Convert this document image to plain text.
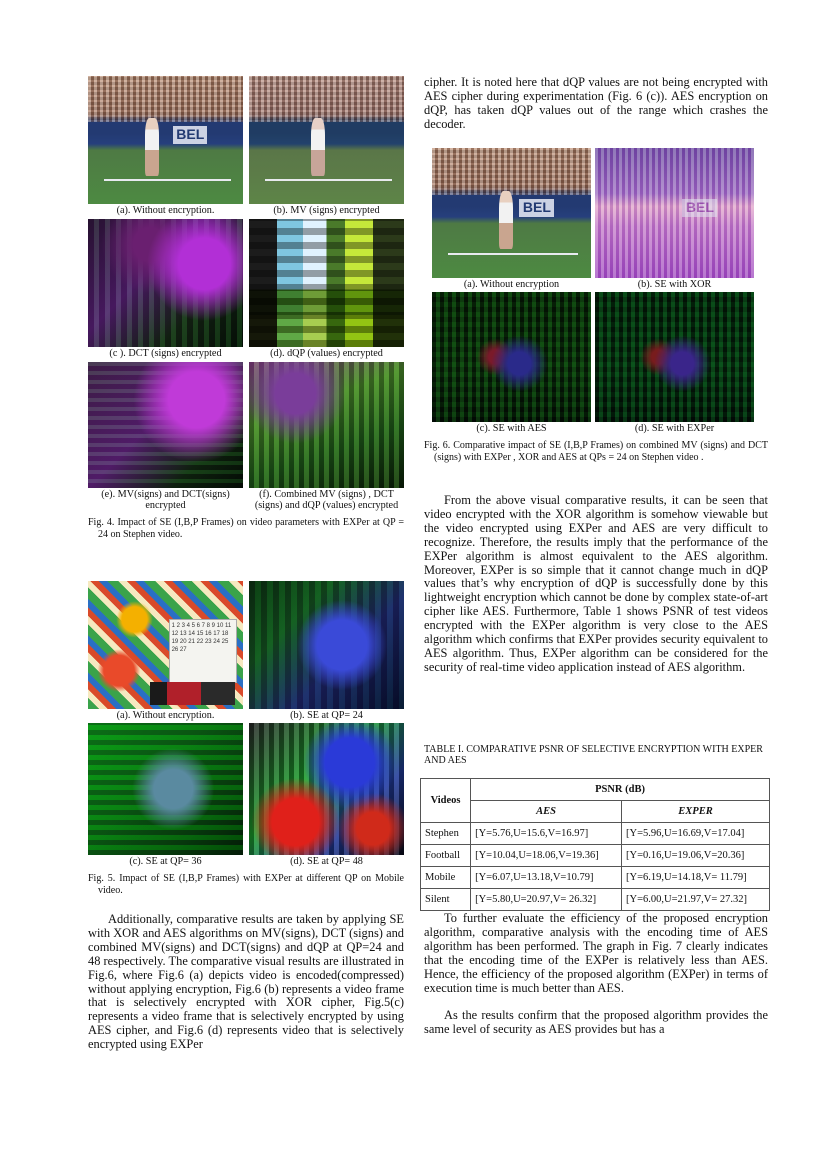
BEL
(a). Without encryption.	(b). MV (signs) encrypted
(c ). DCT (signs) encrypted	(d). dQP (values) encrypted
(e). MV(signs) and DCT(signs) encrypted
(f). Combined MV (signs) , DCT (signs) and dQP (values) encrypted
Fig. 4. Impact of SE (I,B,P Frames) on video parameters with EXPer at QP = 24 on Stephen video.
1 2 3 4 5 6 7 8 9 10 11 12 13 14 15 16 17 18 19 20 21 22 23 24 25 26 27
(a). Without encryption.	(b). SE at QP= 24
(c). SE at QP= 36	(d). SE at QP= 48
Fig. 5. Impact of SE (I,B,P Frames) with EXPer at different QP on Mobile video.

Additionally, comparative results are taken by applying SE with XOR and AES algorithms on MV(signs), DCT (signs) and combined MV(signs) and DCT(signs) and dQP at QP=24 and 48 respectively. The comparative visual results are illustrated in Fig.6, where Fig.6 (a) depicts video is encoded(compressed) without applying encryption, Fig.6 (b) represents a video frame that is selectively encrypted with XOR cipher, Fig.5(c) represents a video frame that is selectively encrypted by using AES cipher, and Fig.6 (d) represents video that is selectively encrypted using EXPer

cipher. It is noted here that dQP values are not being encrypted with AES cipher during experimentation (Fig. 6 (c)). AES encryption on dQP, has taken dQP values out of the range which crashes the decoder.

BEL
(a). Without encryption
BEL
(b). SE with XOR
(c). SE with AES	(d). SE with EXPer
Fig. 6. Comparative impact of SE (I,B,P Frames) on combined MV (signs) and DCT (signs) with EXPer , XOR and AES at QPs = 24 on Stephen video .

From the above visual comparative results, it can be seen that video encrypted with the XOR algorithm is somehow viewable but the video encrypted using EXPer and AES are very difficult to recognize. Therefore, the results imply that the performance of the EXPer algorithm is almost equivalent to the AES algorithm. Moreover, EXPer is so simple that it cannot change much in dQP values that’s why encryption of dQP is successfully done by this lightweight encryption which cannot be done by complex state-of-art cipher like AES. Furthermore, Table 1 shows PSNR of test videos encrypted with the EXPer algorithm is very close to the AES algorithm which confirms that EXPer provides security equivalent to AES algorithm. Thus, EXPer algorithm can be considered for the security of real-time video application instead of AES algorithm.

TABLE I. COMPARATIVE PSNR OF SELECTIVE ENCRYPTION WITH EXPER AND AES
Videos	PSNR (dB)	
	AES	EXPER
Stephen	[Y=5.76,U=15.6,V=16.97]	[Y=5.96,U=16.69,V=17.04]
Football	[Y=10.04,U=18.06,V=19.36]	[Y=0.16,U=19.06,V=20.36]
Mobile	[Y=6.07,U=13.18,V=10.79]	[Y=6.19,U=14.18,V= 11.79]
Silent	[Y=5.80,U=20.97,V= 26.32]	[Y=6.00,U=21.97,V= 27.32]

To further evaluate the efficiency of the proposed encryption algorithm, comparative analysis with the encoding time of AES algorithm has been performed. The graph in Fig. 7 clearly indicates that the encoding time of the EXPer is relatively less than AES. Hence, the efficiency of the proposed algorithm (EXPer) in terms of execution time is much better than AES.

As the results confirm that the proposed algorithm provides the same level of security as AES provides but has a
